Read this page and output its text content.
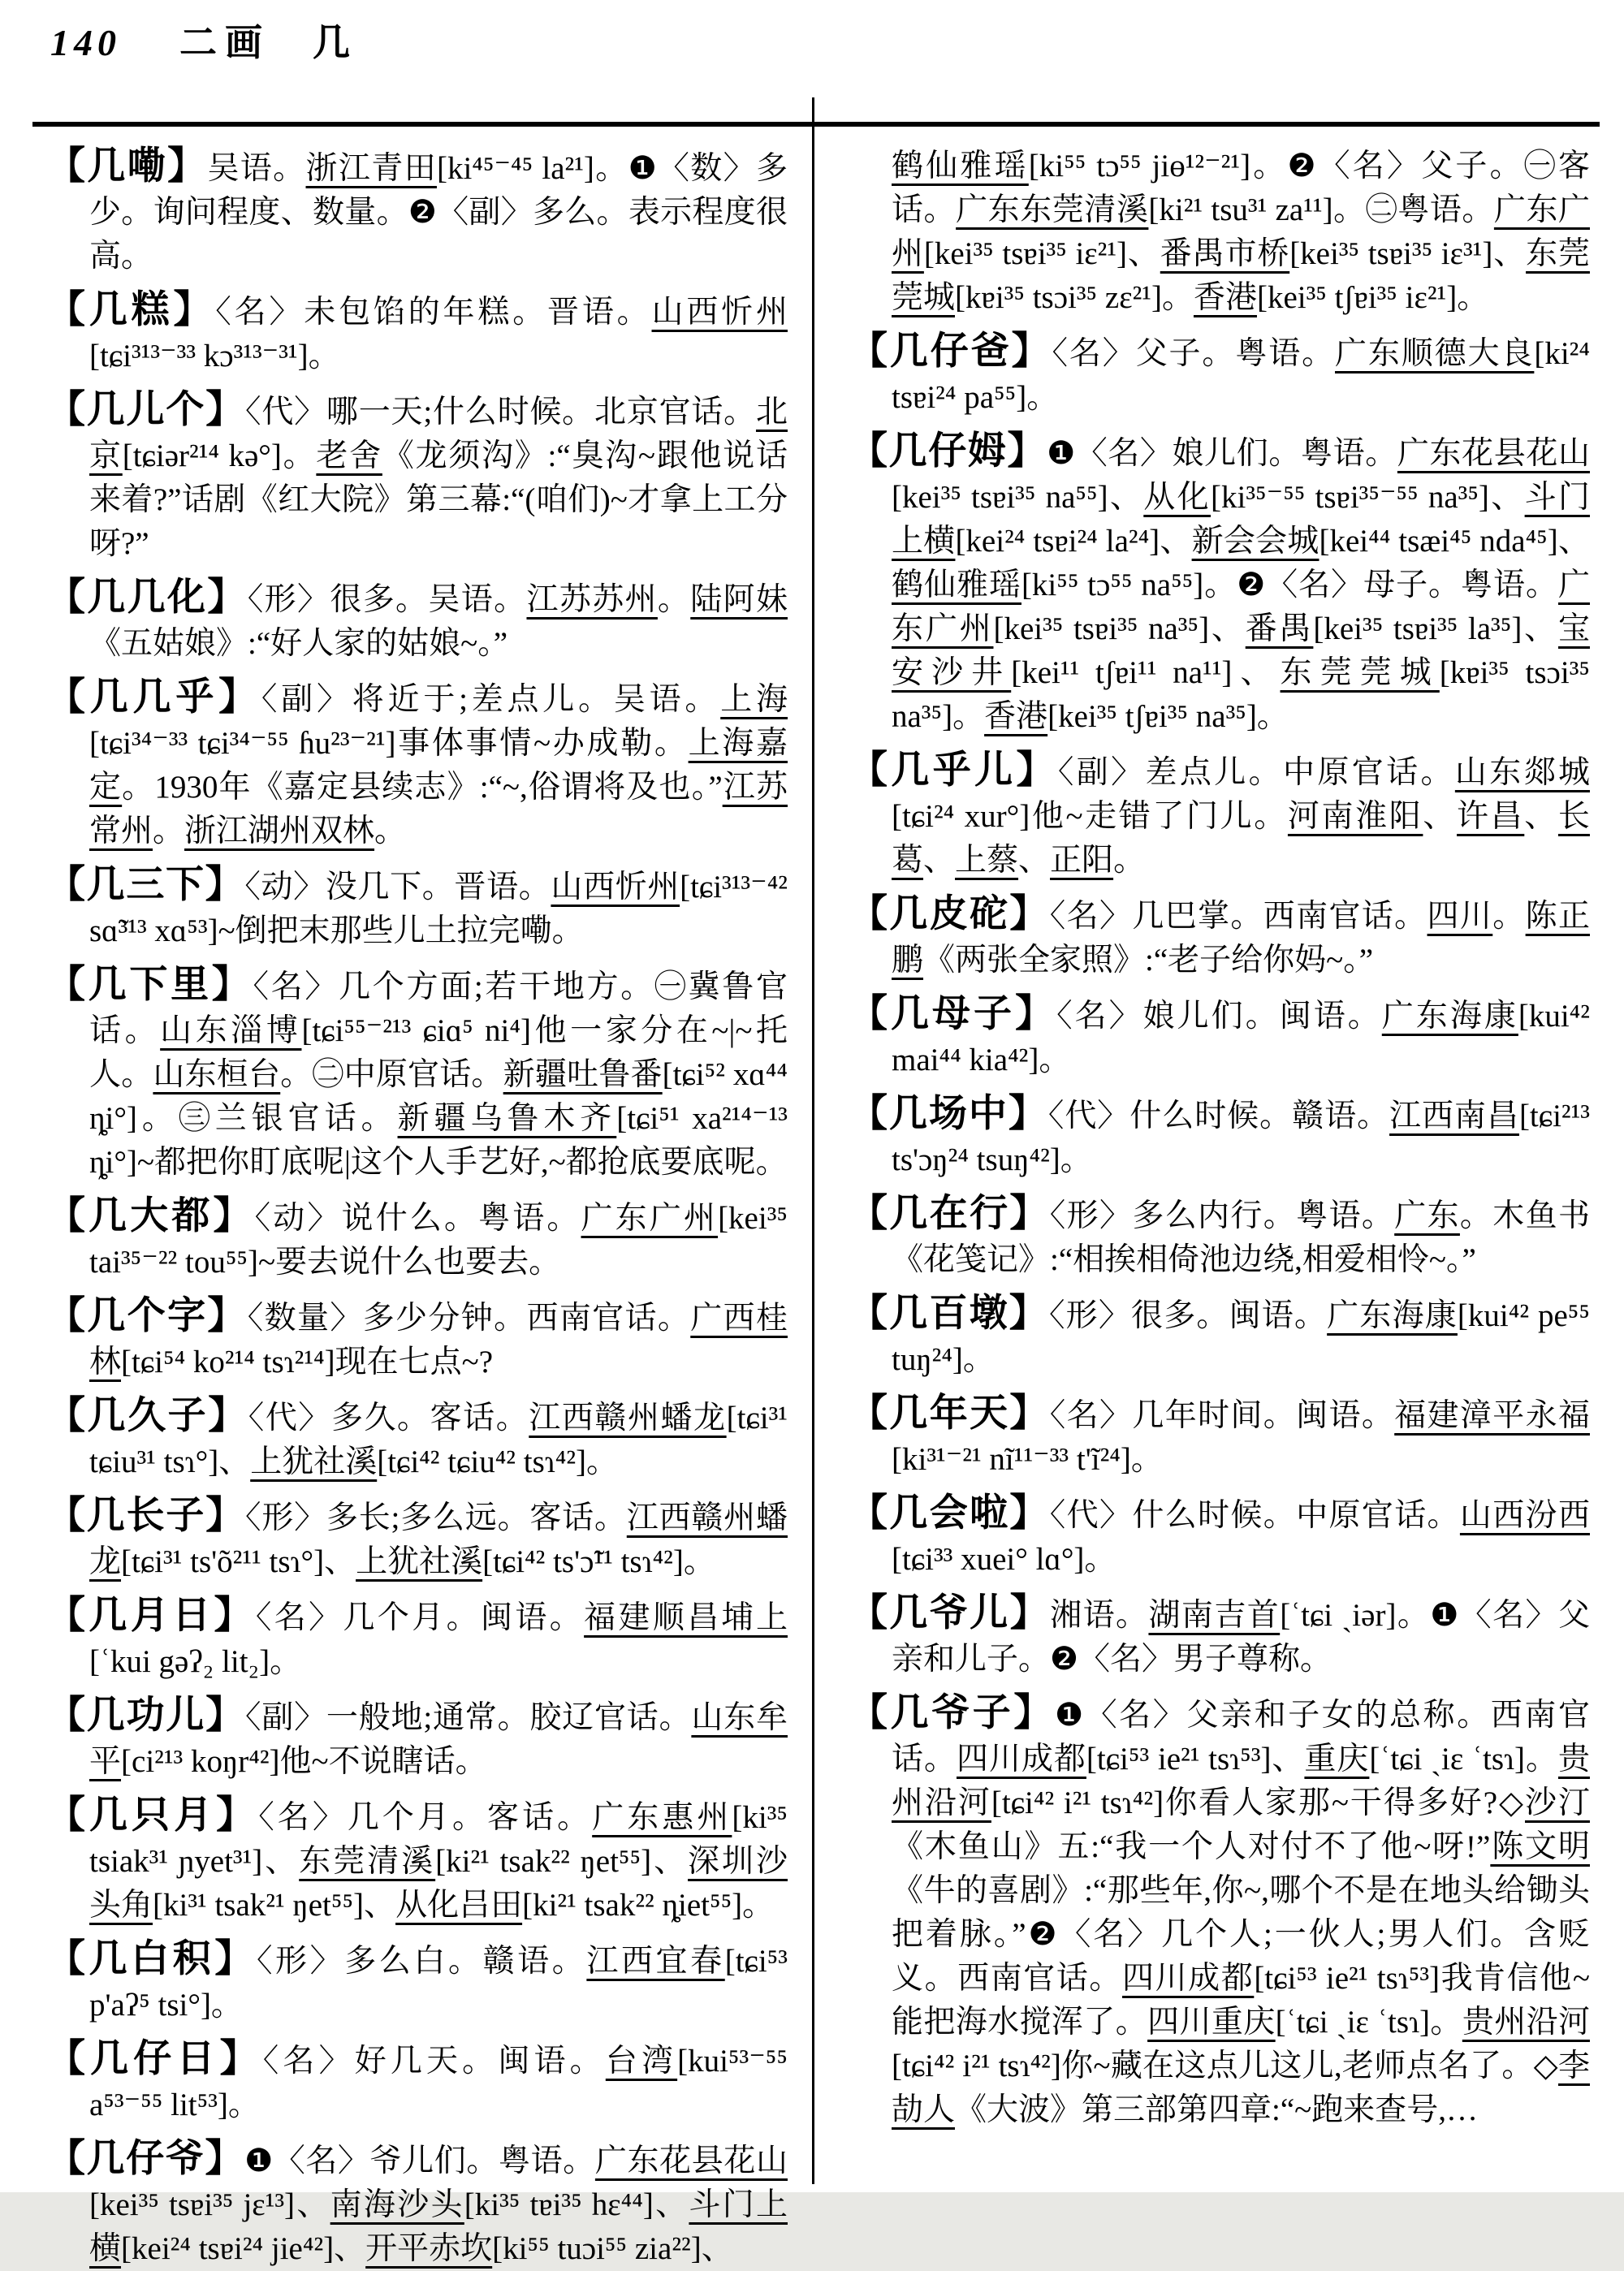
140 二画 几

【几嘞】吴语。浙江青田[ki⁴⁵⁻⁴⁵ la²¹]。❶〈数〉多少。询问程度、数量。❷〈副〉多么。表示程度很高。

【几糕】〈名〉未包馅的年糕。晋语。山西忻州[tɕi³¹³⁻³³ kɔ³¹³⁻³¹]。

【几儿个】〈代〉哪一天;什么时候。北京官话。北京[tɕiər²¹⁴ kə°]。老舍《龙须沟》:“臭沟~跟他说话来着?”话剧《红大院》第三幕:“(咱们)~才拿上工分呀?”

【几几化】〈形〉很多。吴语。江苏苏州。陆阿妹《五姑娘》:“好人家的姑娘~。”

【几几乎】〈副〉将近于;差点儿。吴语。上海[tɕi³⁴⁻³³ tɕi³⁴⁻⁵⁵ ɦu²³⁻²¹]事体事情~办成勒。上海嘉定。1930年《嘉定县续志》:“~,俗谓将及也。”江苏常州。浙江湖州双林。

【几三下】〈动〉没几下。晋语。山西忻州[tɕi³¹³⁻⁴² sɑ̃³¹³ xɑ⁵³]~倒把末那些儿土拉完嘞。

【几下里】〈名〉几个方面;若干地方。㊀冀鲁官话。山东淄博[tɕi⁵⁵⁻²¹³ ɕiɑ⁵ ni⁴]他一家分在~|~托人。山东桓台。㊁中原官话。新疆吐鲁番[tɕi⁵² xɑ⁴⁴ ȵi°]。㊂兰银官话。新疆乌鲁木齐[tɕi⁵¹ xa²¹⁴⁻¹³ ȵi°]~都把你盯底呢|这个人手艺好,~都抢底要底呢。

【几大都】〈动〉说什么。粤语。广东广州[kei³⁵ tai³⁵⁻²² tou⁵⁵]~要去说什么也要去。

【几个字】〈数量〉多少分钟。西南官话。广西桂林[tɕi⁵⁴ ko²¹⁴ tsɿ²¹⁴]现在七点~?

【几久子】〈代〉多久。客话。江西赣州蟠龙[tɕi³¹ tɕiu³¹ tsɿ°]、上犹社溪[tɕi⁴² tɕiu⁴² tsɿ⁴²]。

【几长子】〈形〉多长;多么远。客话。江西赣州蟠龙[tɕi³¹ ts'õ²¹¹ tsɿ°]、上犹社溪[tɕi⁴² ts'ɔ̃¹¹ tsɿ⁴²]。

【几月日】〈名〉几个月。闽语。福建顺昌埔上[ʿkui gəʔ₂ lit₂]。

【几功儿】〈副〉一般地;通常。胶辽官话。山东牟平[ci²¹³ koŋr⁴²]他~不说瞎话。

【几只月】〈名〉几个月。客话。广东惠州[ki³⁵ tsiak³¹ ɲyet³¹]、东莞清溪[ki²¹ tsak²² ŋet⁵⁵]、深圳沙头角[ki³¹ tsak²¹ ŋet⁵⁵]、从化吕田[ki²¹ tsak²² ȵiet⁵⁵]。

【几白积】〈形〉多么白。赣语。江西宜春[tɕi⁵³ p'aʔ⁵ tsi°]。

【几仔日】〈名〉好几天。闽语。台湾[kui⁵³⁻⁵⁵ a⁵³⁻⁵⁵ lit⁵³]。

【几仔爷】❶〈名〉爷儿们。粤语。广东花县花山[kei³⁵ tsɐi³⁵ jɛ¹³]、南海沙头[ki³⁵ tɐi³⁵ hɛ⁴⁴]、斗门上横[kei²⁴ tsɐi²⁴ jie⁴²]、开平赤坎[ki⁵⁵ tuɔi⁵⁵ zia²²]、

鹤仙雅瑶[ki⁵⁵ tɔ⁵⁵ jiɵ¹²⁻²¹]。❷〈名〉父子。㊀客话。广东东莞清溪[ki²¹ tsu³¹ za¹¹]。㊁粤语。广东广州[kei³⁵ tsɐi³⁵ iɛ²¹]、番禺市桥[kei³⁵ tsɐi³⁵ iɛ³¹]、东莞莞城[kɐi³⁵ tsɔi³⁵ zɛ²¹]。香港[kei³⁵ tʃɐi³⁵ iɛ²¹]。

【几仔爸】〈名〉父子。粤语。广东顺德大良[ki²⁴ tsɐi²⁴ pa⁵⁵]。

【几仔姆】❶〈名〉娘儿们。粤语。广东花县花山[kei³⁵ tsɐi³⁵ na⁵⁵]、从化[ki³⁵⁻⁵⁵ tsɐi³⁵⁻⁵⁵ na³⁵]、斗门上横[kei²⁴ tsɐi²⁴ la²⁴]、新会会城[kei⁴⁴ tsæi⁴⁵ nda⁴⁵]、鹤仙雅瑶[ki⁵⁵ tɔ⁵⁵ na⁵⁵]。❷〈名〉母子。粤语。广东广州[kei³⁵ tsɐi³⁵ na³⁵]、番禺[kei³⁵ tsɐi³⁵ la³⁵]、宝安沙井[kei¹¹ tʃɐi¹¹ na¹¹]、东莞莞城[kɐi³⁵ tsɔi³⁵ na³⁵]。香港[kei³⁵ tʃɐi³⁵ na³⁵]。

【几乎儿】〈副〉差点儿。中原官话。山东郯城[tɕi²⁴ xur°]他~走错了门儿。河南淮阳、许昌、长葛、上蔡、正阳。

【几皮砣】〈名〉几巴掌。西南官话。四川。陈正鹏《两张全家照》:“老子给你妈~。”

【几母子】〈名〉娘儿们。闽语。广东海康[kui⁴² mai⁴⁴ kia⁴²]。

【几场中】〈代〉什么时候。赣语。江西南昌[tɕi²¹³ ts'ɔŋ²⁴ tsuŋ⁴²]。

【几在行】〈形〉多么内行。粤语。广东。木鱼书《花笺记》:“相挨相倚池边绕,相爱相怜~。”

【几百墩】〈形〉很多。闽语。广东海康[kui⁴² pe⁵⁵ tuŋ²⁴]。

【几年天】〈名〉几年时间。闽语。福建漳平永福[ki³¹⁻²¹ nĩ¹¹⁻³³ t'ĩ²⁴]。

【几会啦】〈代〉什么时候。中原官话。山西汾西[tɕi³³ xuei° lɑ°]。

【几爷儿】湘语。湖南吉首[ʿtɕi ˏiər]。❶〈名〉父亲和儿子。❷〈名〉男子尊称。

【几爷子】❶〈名〉父亲和子女的总称。西南官话。四川成都[tɕi⁵³ ie²¹ tsɿ⁵³]、重庆[ʿtɕi ˏiɛ ʿtsɿ]。贵州沿河[tɕi⁴² i²¹ tsɿ⁴²]你看人家那~干得多好?◇沙汀《木鱼山》五:“我一个人对付不了他~呀!”陈文明《牛的喜剧》:“那些年,你~,哪个不是在地头给锄头把着脉。”❷〈名〉几个人;一伙人;男人们。含贬义。西南官话。四川成都[tɕi⁵³ ie²¹ tsɿ⁵³]我肯信他~能把海水搅浑了。四川重庆[ʿtɕi ˏiɛ ʿtsɿ]。贵州沿河[tɕi⁴² i²¹ tsɿ⁴²]你~藏在这点儿这儿,老师点名了。◇李劼人《大波》第三部第四章:“~跑来查号,…
